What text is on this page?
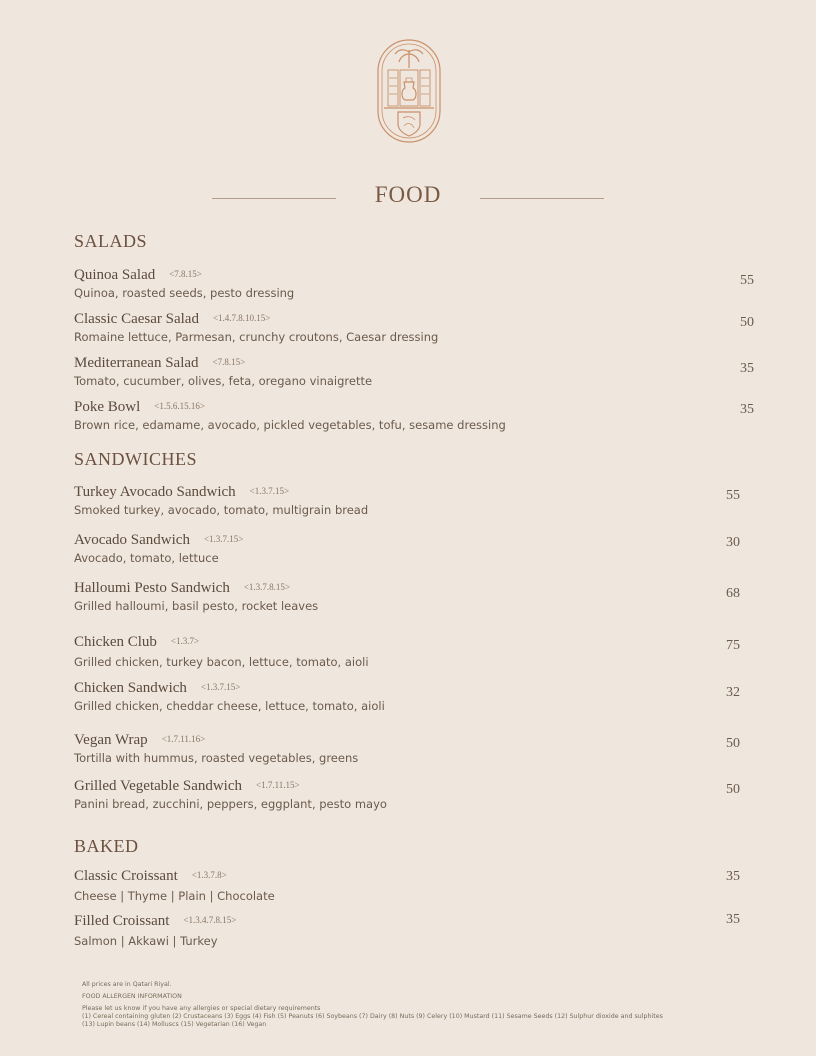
FOOD
SALADS
Quinoa Salad <7.8.15>
Quinoa, roasted seeds, pesto dressing
55
Classic Caesar Salad <1.4.7.8.10.15>
Romaine lettuce, Parmesan, crunchy croutons, Caesar dressing
50
Mediterranean Salad <7.8.15>
Tomato, cucumber, olives, feta, oregano vinaigrette
35
Poke Bowl <1.5.6.15.16>
Brown rice, edamame, avocado, pickled vegetables, tofu, sesame dressing
35
SANDWICHES
Turkey Avocado Sandwich <1.3.7.15>
Smoked turkey, avocado, tomato, multigrain bread
55
Avocado Sandwich <1.3.7.15>
Avocado, tomato, lettuce
30
Halloumi Pesto Sandwich <1.3.7.8.15>
Grilled halloumi, basil pesto, rocket leaves
68
Chicken Club <1.3.7>
Grilled chicken, turkey bacon, lettuce, tomato, aioli
75
Chicken Sandwich <1.3.7.15>
Grilled chicken, cheddar cheese, lettuce, tomato, aioli
32
Vegan Wrap <1.7.11.16>
Tortilla with hummus, roasted vegetables, greens
50
Grilled Vegetable Sandwich <1.7.11.15>
Panini bread, zucchini, peppers, eggplant, pesto mayo
50
BAKED
Classic Croissant <1.3.7.8>
Cheese | Thyme | Plain | Chocolate
35
Filled Croissant <1.3.4.7.8.15>
Salmon | Akkawi | Turkey
35
All prices are in Qatari Riyal.
FOOD ALLERGEN INFORMATION
Please let us know if you have any allergies or special dietary requirements
(1) Cereal containing gluten (2) Crustaceans (3) Eggs (4) Fish (5) Peanuts (6) Soybeans (7) Dairy (8) Nuts (9) Celery (10) Mustard (11) Sesame Seeds (12) Sulphur dioxide and sulphites
(13) Lupin beans (14) Molluscs (15) Vegetarian (16) Vegan
